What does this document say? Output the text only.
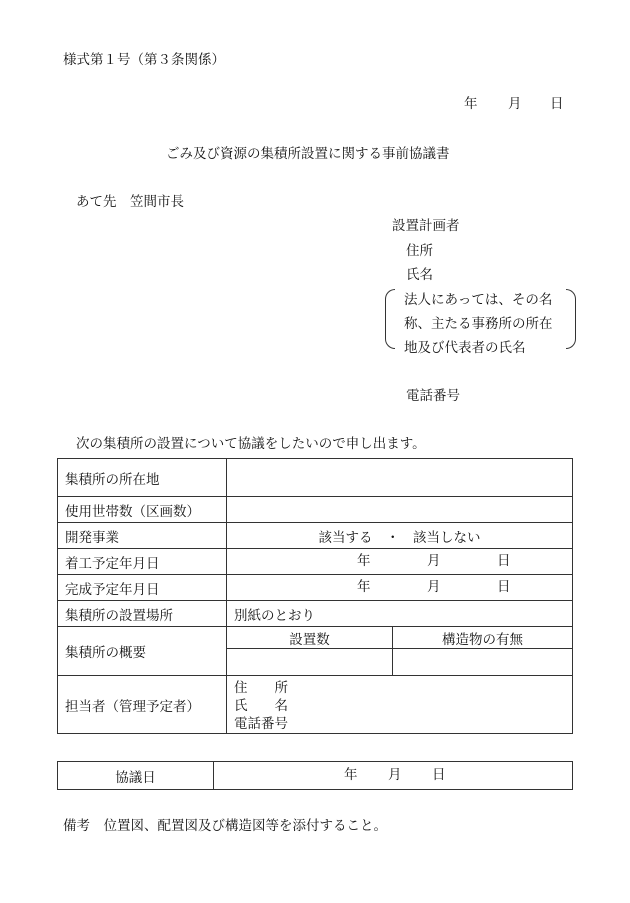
様式第１号（第３条関係）
年 月 日
ごみ及び資源の集積所設置に関する事前協議書
あて先　笠間市長
設置計画者
住所
氏名
法人にあっては、その名
称、主たる事務所の所在
地及び代表者の氏名
電話番号
次の集積所の設置について協議をしたいので申し出ます。
集積所の所在地		
使用世帯数（区画数）		
開発事業	該当する　・　該当しない	
着工予定年月日	年 月 日	

完成予定年月日	年 月 日	

集積所の設置場所	別紙のとおり	
集積所の概要	設置数	構造物の有無

担当者（管理予定者）	住　　所
氏　　名
電話番号	
協議日	年 月 日
備考　位置図、配置図及び構造図等を添付すること。
